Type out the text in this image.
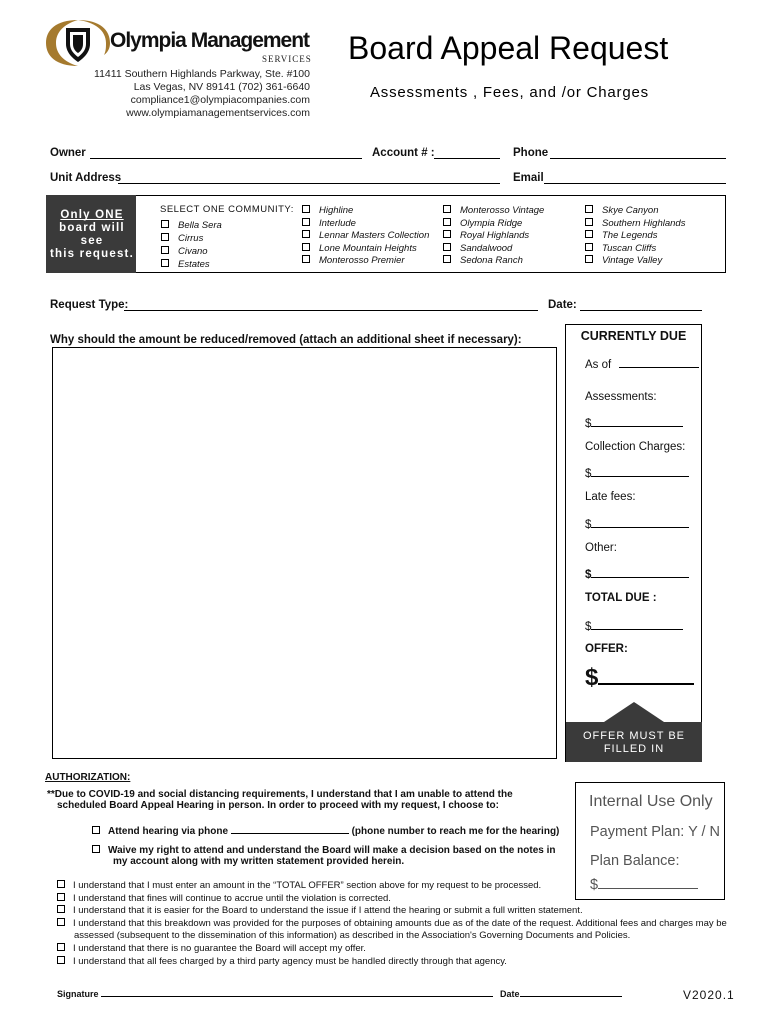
Olympia Management
SERVICES
11411 Southern Highlands Parkway, Ste. #100
Las Vegas, NV 89141 (702) 361-6640
compliance1@olympiacompanies.com
www.olympiamanagementservices.com
Board Appeal Request
Assessments , Fees, and /or Charges
Owner	Account # :	Phone
Unit Address	Email
Only ONE
board will
see
this request.
SELECT ONE COMMUNITY:
Bella Sera
Cirrus
Civano
Estates
Highline
Interlude
Lennar Masters Collection
Lone Mountain Heights
Monterosso Premier
Monterosso Vintage
Olympia Ridge
Royal Highlands
Sandalwood
Sedona Ranch
Skye Canyon
Southern Highlands
The Legends
Tuscan Cliffs
Vintage Valley
Request Type:	Date:
Why should the amount be reduced/removed (attach an additional sheet if necessary):	CURRENTLY DUE
As of
Assessments:
$
Collection Charges:
$
Late fees:
$
Other:
$
TOTAL DUE :
$
OFFER:
$
OFFER MUST BE
FILLED IN
AUTHORIZATION:
**Due to COVID-19 and social distancing requirements, I understand that I am unable to attend the
scheduled Board Appeal Hearing in person. In order to proceed with my request, I choose to:
Attend hearing via phone	(phone number to reach me for the hearing)
Waive my right to attend and understand the Board will make a decision based on the notes in
my account along with my written statement provided herein.
I understand that I must enter an amount in the “TOTAL OFFER” section above for my request to be processed.
I understand that fines will continue to accrue until the violation is corrected.
I understand that it is easier for the Board to understand the issue if I attend the hearing or submit a full written statement.
I understand that this breakdown was provided for the purposes of obtaining amounts due as of the date of the request. Additional fees and charges may be
assessed (subsequent to the dissemination of this information) as described in the Association's Governing Documents and Policies.
I understand that there is no guarantee the Board will accept my offer.
I understand that all fees charged by a third party agency must be handled directly through that agency.
Internal Use Only
Payment Plan: Y / N
Plan Balance:
$
Signature	Date	V2020.1
